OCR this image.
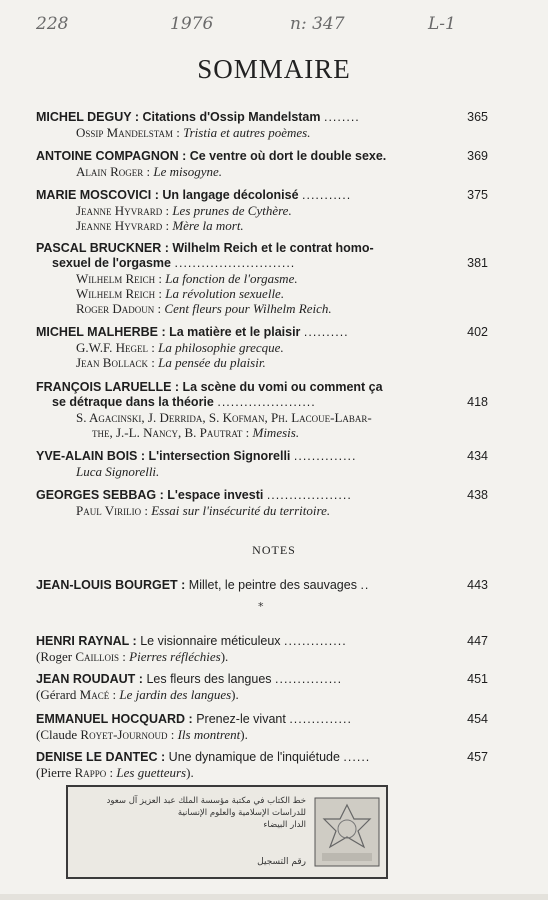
228	1976	n: 347	L-1
SOMMAIRE
MICHEL DEGUY : Citations d'Ossip Mandelstam ........	365
Ossip Mandelstam : Tristia et autres poèmes.
ANTOINE COMPAGNON : Ce ventre où dort le double sexe.	369
Alain Roger : Le misogyne.
MARIE MOSCOVICI : Un langage décolonisé ...........	375
Jeanne Hyvrard : Les prunes de Cythère.
Jeanne Hyvrard : Mère la mort.
PASCAL BRUCKNER : Wilhelm Reich et le contrat homo-
sexuel de l'orgasme ...........................	381
Wilhelm Reich : La fonction de l'orgasme.
Wilhelm Reich : La révolution sexuelle.
Roger Dadoun : Cent fleurs pour Wilhelm Reich.
MICHEL MALHERBE : La matière et le plaisir ..........	402
G.W.F. Hegel : La philosophie grecque.
Jean Bollack : La pensée du plaisir.
FRANÇOIS LARUELLE : La scène du vomi ou comment ça
se détraque dans la théorie ......................	418
S. Agacinski, J. Derrida, S. Kofman, Ph. Lacoue-Labar-
the, J.-L. Nancy, B. Pautrat : Mimesis.
YVE-ALAIN BOIS : L'intersection Signorelli ..............	434
Luca Signorelli.
GEORGES SEBBAG : L'espace investi ...................	438
Paul Virilio : Essai sur l'insécurité du territoire.
NOTES
JEAN-LOUIS BOURGET : Millet, le peintre des sauvages ..	443
*
HENRI RAYNAL : Le visionnaire méticuleux ..............	447
(Roger Caillois : Pierres réfléchies).
JEAN ROUDAUT : Les fleurs des langues ...............	451
(Gérard Macé : Le jardin des langues).
EMMANUEL HOCQUARD : Prenez-le vivant ..............	454
(Claude Royet-Journoud : Ils montrent).
DENISE LE DANTEC : Une dynamique de l'inquiétude ......	457
(Pierre Rappo : Les guetteurs).
خط الكتاب في مكتبة مؤسسة الملك عبد العزيز آل سعود
للدراسات الإسلامية والعلوم الإنسانية
الدار البيضاء
رقم التسجيل
